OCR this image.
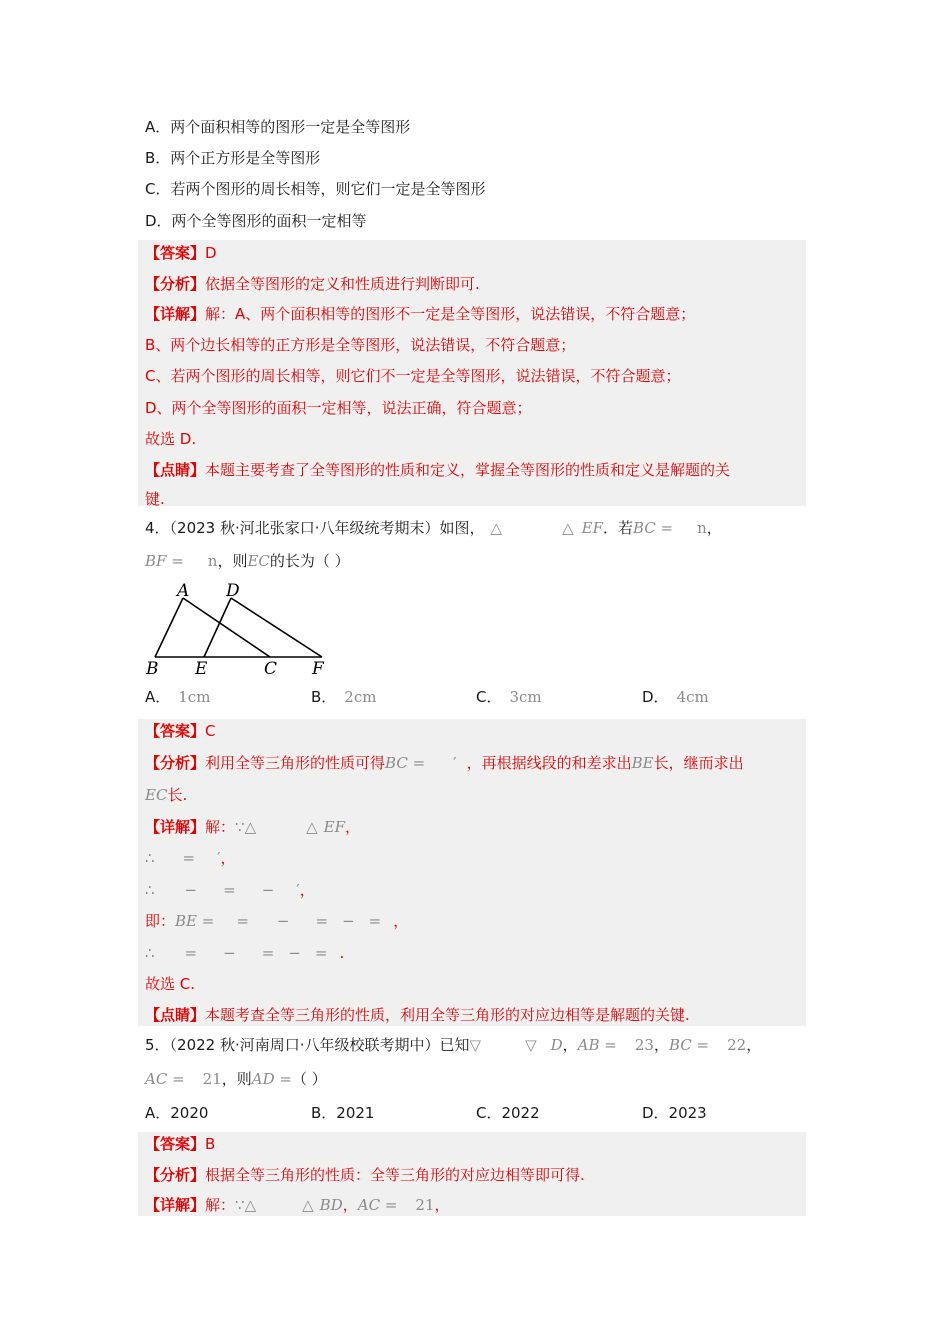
A．两个面积相等的图形一定是全等图形
B．两个正方形是全等图形
C．若两个图形的周长相等，则它们一定是全等图形
D．两个全等图形的面积一定相等
【答案】D
【分析】依据全等图形的定义和性质进行判断即可.
【详解】解：A、两个面积相等的图形不一定是全等图形，说法错误，不符合题意；
B、两个边长相等的正方形是全等图形，说法错误，不符合题意；
C、若两个图形的周长相等，则它们不一定是全等图形，说法错误，不符合题意；
D、两个全等图形的面积一定相等，说法正确，符合题意；
故选 D.
【点睛】本题主要考查了全等图形的性质和定义，掌握全等图形的性质和定义是解题的关
键.
4．（2023 秋·河北张家口·八年级统考期末）如图， △	△ EF．若BC = n，
BF = n，则EC的长为（ ）
A D
B E	C F
A． 1cm	B． 2cm	C． 3cm	D． 4cm
【答案】C
【分析】利用全等三角形的性质可得BC = ′ ，再根据线段的和差求出BE长，继而求出
EC长.
【详解】解：∵△	△ EF，
∴ = ′，
∴ − = − ′，
即：BE = = − = − = ，
∴ = − = − = .
故选 C.
【点睛】本题考查全等三角形的性质，利用全等三角形的对应边相等是解题的关键.
5．（2022 秋·河南周口·八年级校联考期中）已知▽	▽ D，AB = 23，BC = 22，
AC = 21，则AD =（ ）
A．2020	B．2021	C．2022	D．2023
【答案】B
【分析】根据全等三角形的性质：全等三角形的对应边相等即可得.
【详解】解：∵△	△ BD，AC = 21，
